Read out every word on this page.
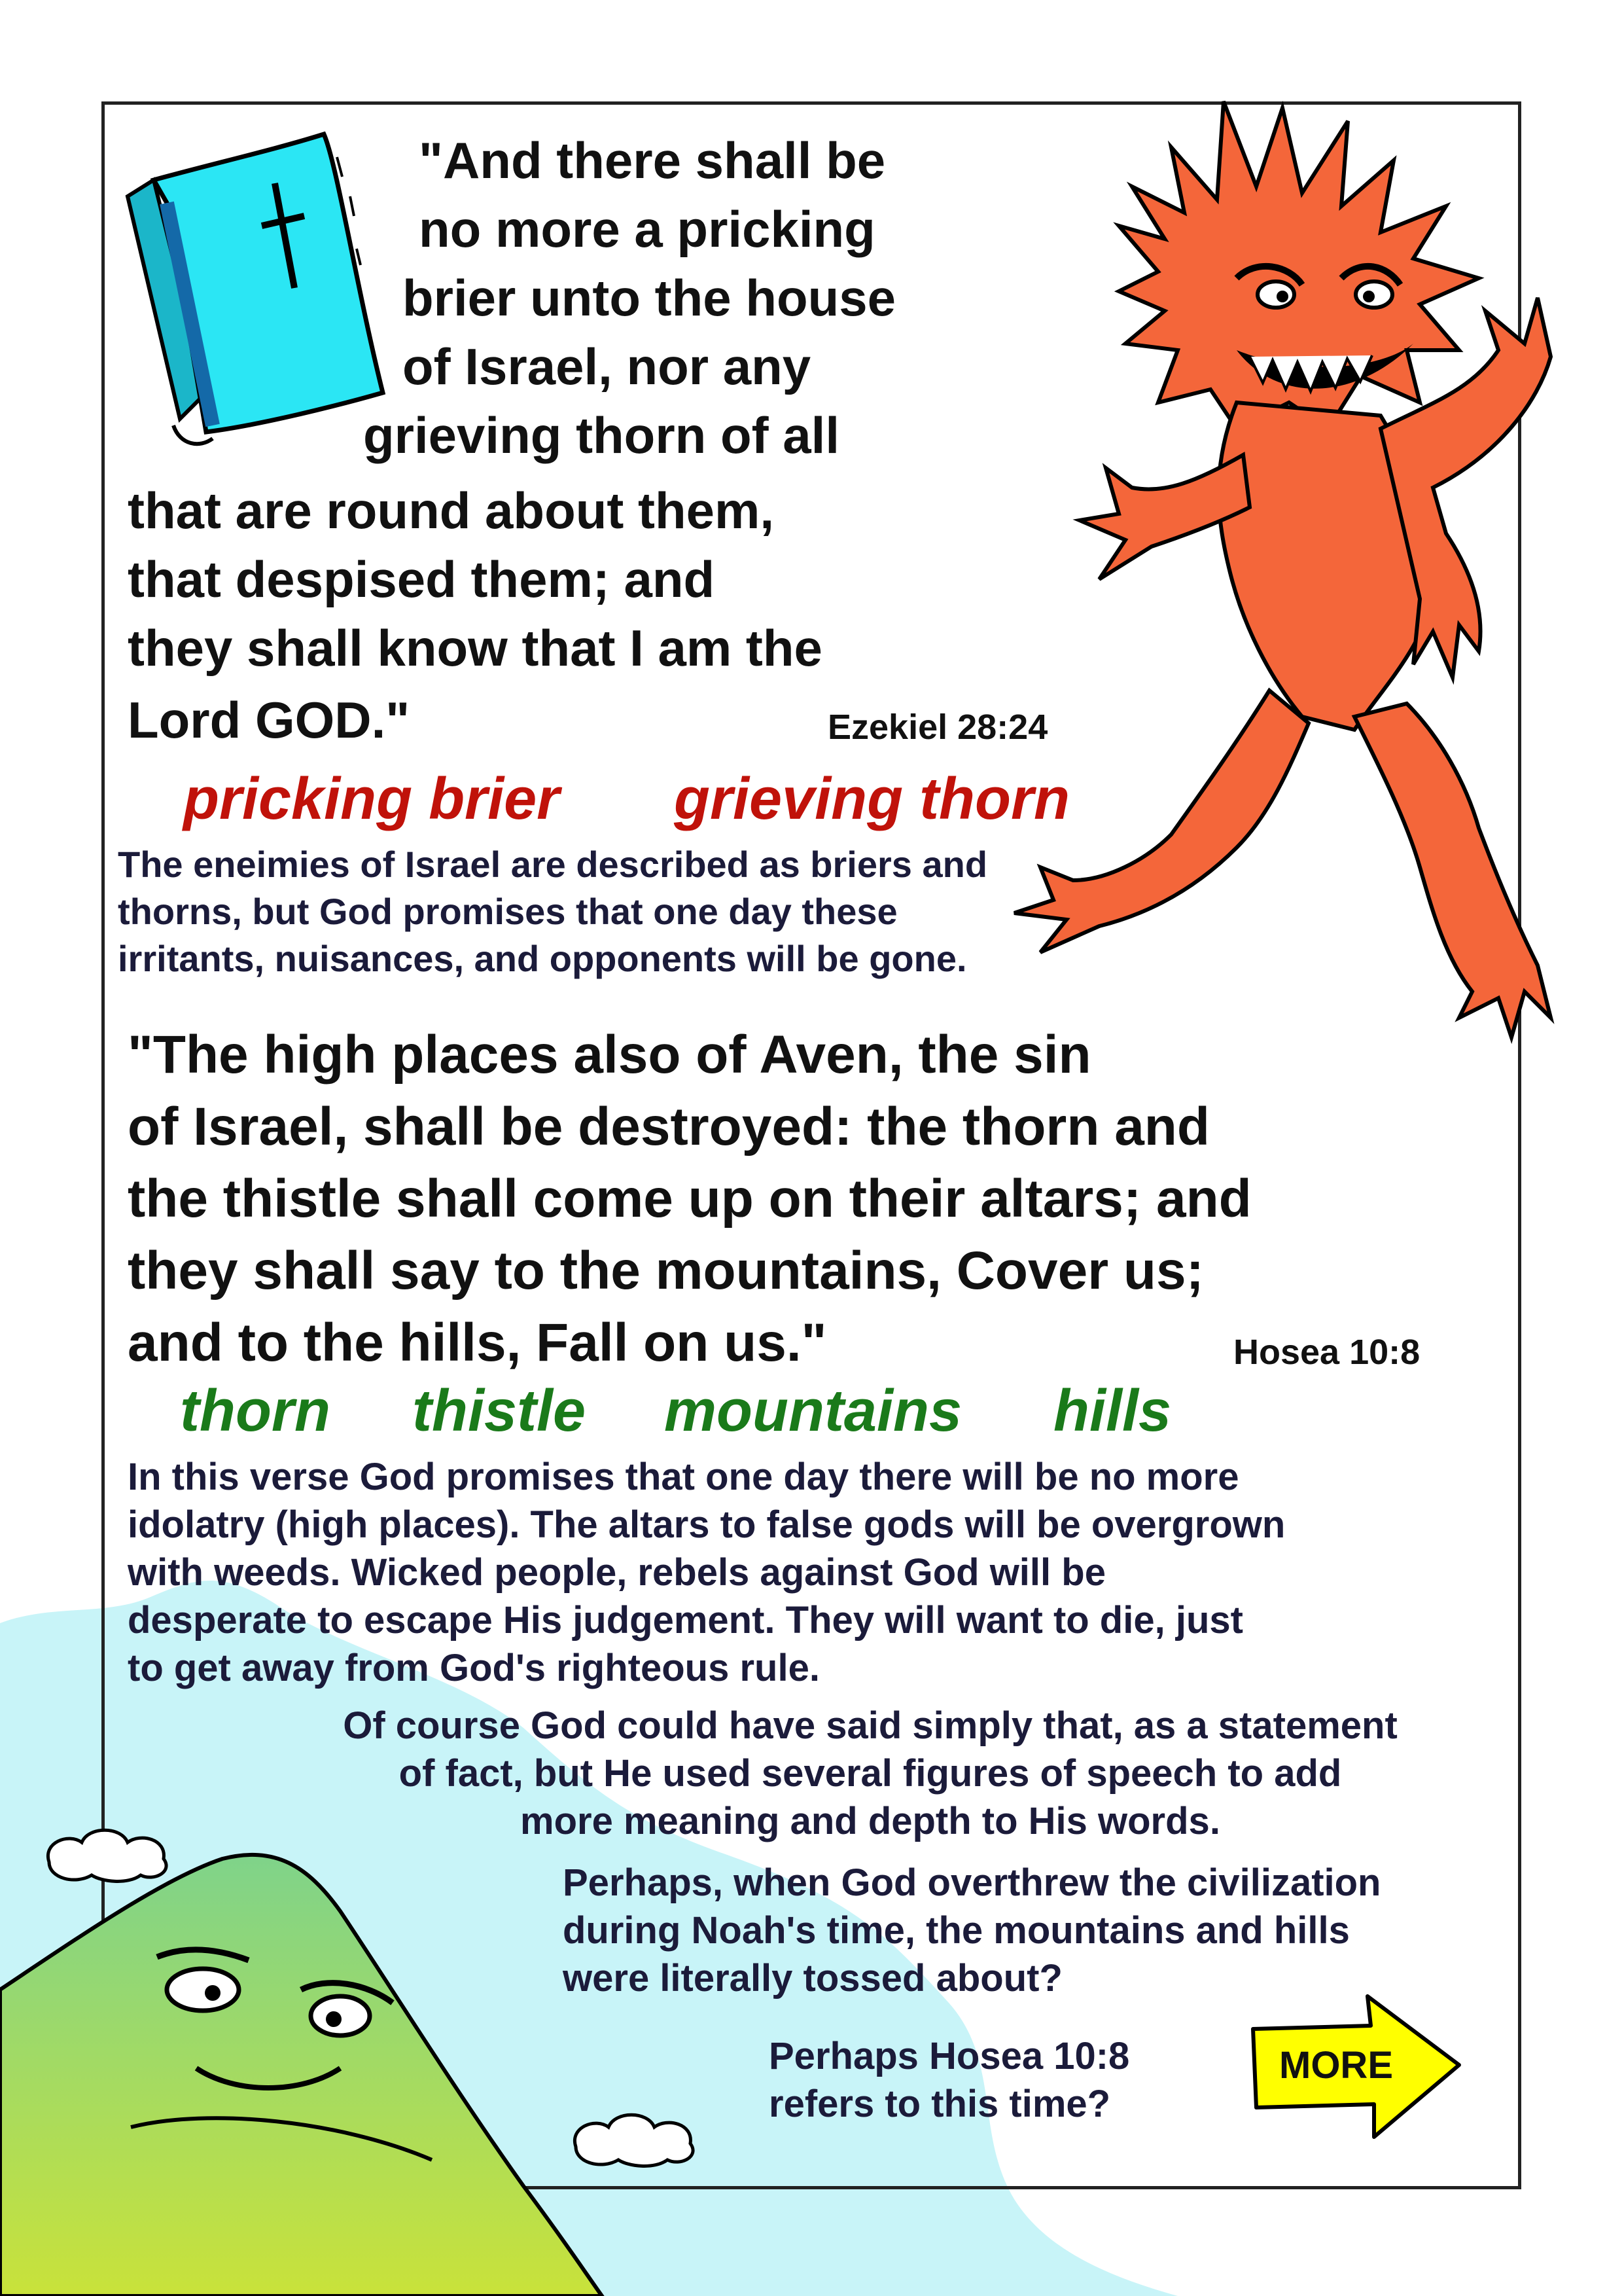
"And there shall be
no more a pricking
brier unto the house
of Israel, nor any
grieving thorn of all
that are round about them,
that despised them; and
they shall know that I am the
Lord GOD."	Ezekiel 28:24
pricking brier grieving thorn
The eneimies of Israel are described as briers and
thorns, but God promises that one day these
irritants, nuisances, and opponents will be gone.
"The high places also of Aven, the sin
of Israel, shall be destroyed: the thorn and
the thistle shall come up on their altars; and
they shall say to the mountains, Cover us;
and to the hills, Fall on us."	Hosea 10:8
thorn thistle mountains hills
In this verse God promises that one day there will be no more
idolatry (high places). The altars to false gods will be overgrown
with weeds. Wicked people, rebels against God will be
desperate to escape His judgement. They will want to die, just
to get away from God's righteous rule.
Of course God could have said simply that, as a statement
of fact, but He used several figures of speech to add
more meaning and depth to His words.
Perhaps, when God overthrew the civilization
during Noah's time, the mountains and hills
were literally tossed about?
Perhaps Hosea 10:8
refers to this time?
MORE
